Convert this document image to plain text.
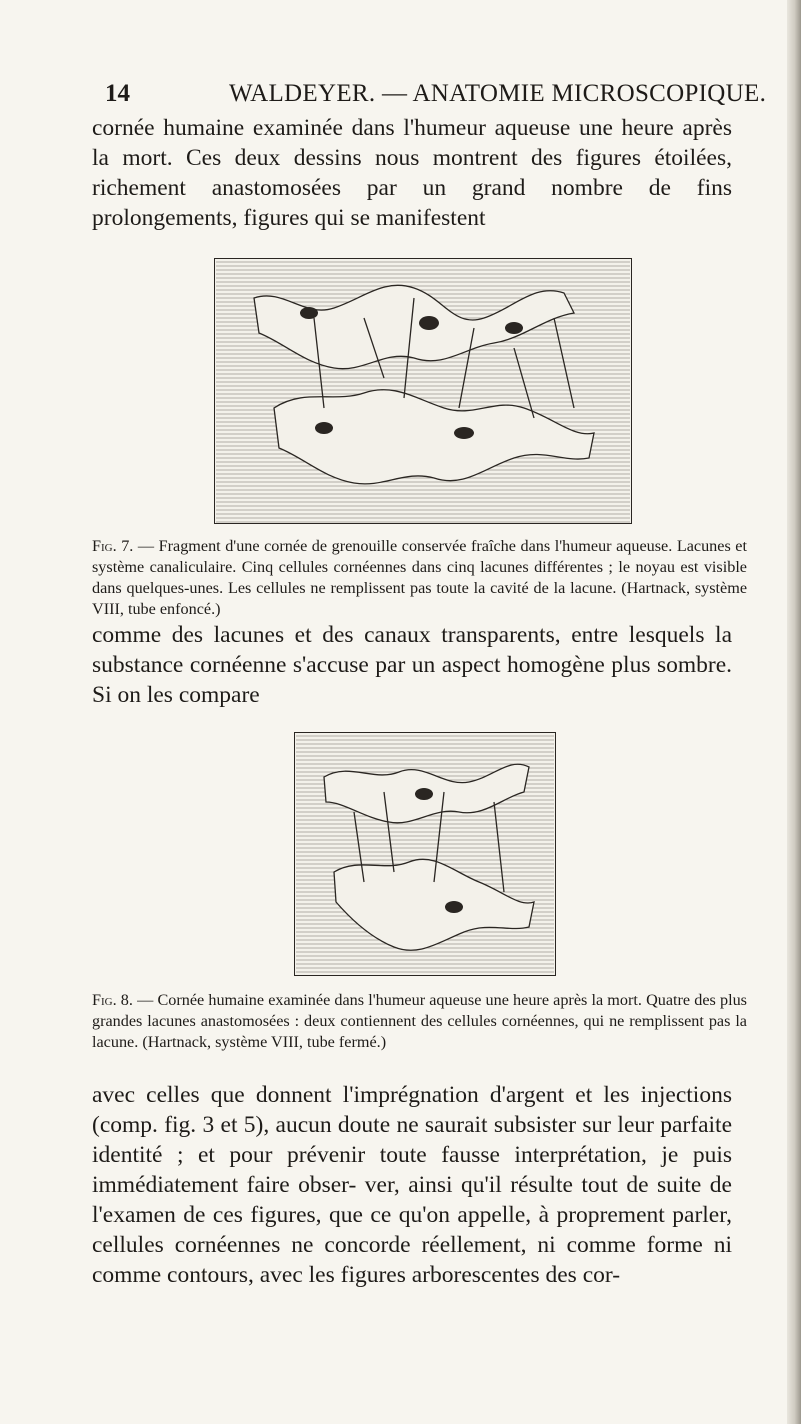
14	WALDEYER. — ANATOMIE MICROSCOPIQUE.

cornée humaine examinée dans l'humeur aqueuse une heure après la mort. Ces deux dessins nous montrent des figures étoilées, richement anastomosées par un grand nombre de fins prolongements, figures qui se manifestent

Fig. 7. — Fragment d'une cornée de grenouille conservée fraîche dans l'humeur aqueuse. Lacunes et système canaliculaire. Cinq cellules cornéennes dans cinq lacunes différentes ; le noyau est visible dans quelques-unes. Les cellules ne remplissent pas toute la cavité de la lacune. (Hartnack, système VIII, tube enfoncé.)

comme des lacunes et des canaux transparents, entre lesquels la substance cornéenne s'accuse par un aspect homogène plus sombre. Si on les compare

Fig. 8. — Cornée humaine examinée dans l'humeur aqueuse une heure après la mort. Quatre des plus grandes lacunes anastomosées : deux contiennent des cellules cornéennes, qui ne remplissent pas la lacune. (Hartnack, système VIII, tube fermé.)

avec celles que donnent l'imprégnation d'argent et les injections (comp. fig. 3 et 5), aucun doute ne saurait subsister sur leur parfaite identité ; et pour prévenir toute fausse interprétation, je puis immédiatement faire obser- ver, ainsi qu'il résulte tout de suite de l'examen de ces figures, que ce qu'on appelle, à proprement parler, cellules cornéennes ne concorde réellement, ni comme forme ni comme contours, avec les figures arborescentes des cor-
